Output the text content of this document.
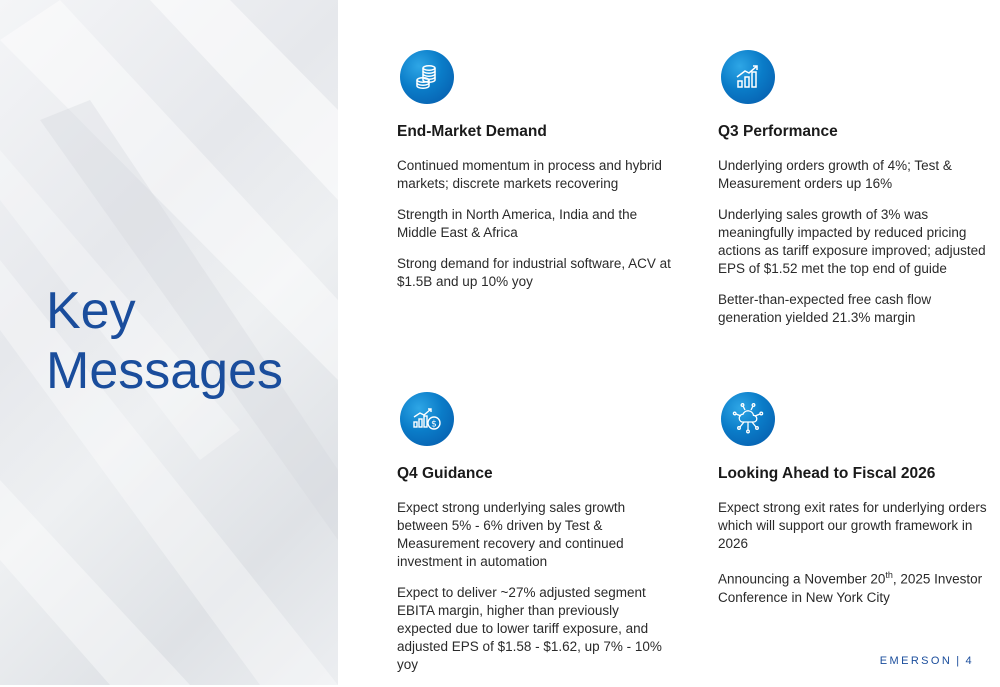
Key
Messages
End-Market Demand

Continued momentum in process and hybrid markets; discrete markets recovering

Strength in North America, India and the Middle East & Africa

Strong demand for industrial software, ACV at $1.5B and up 10% yoy

Q3 Performance

Underlying orders growth of 4%; Test & Measurement orders up 16%

Underlying sales growth of 3% was meaningfully impacted by reduced pricing actions as tariff exposure improved; adjusted EPS of $1.52 met the top end of guide

Better-than-expected free cash flow generation yielded 21.3% margin

$
Q4 Guidance

Expect strong underlying sales growth between 5% - 6% driven by Test & Measurement recovery and continued investment in automation

Expect to deliver ~27% adjusted segment EBITA margin, higher than previously expected due to lower tariff exposure, and adjusted EPS of $1.58 - $1.62, up 7% - 10% yoy

Looking Ahead to Fiscal 2026

Expect strong exit rates for underlying orders which will support our growth framework in 2026

Announcing a November 20th, 2025 Investor Conference in New York City

EMERSON | 4
